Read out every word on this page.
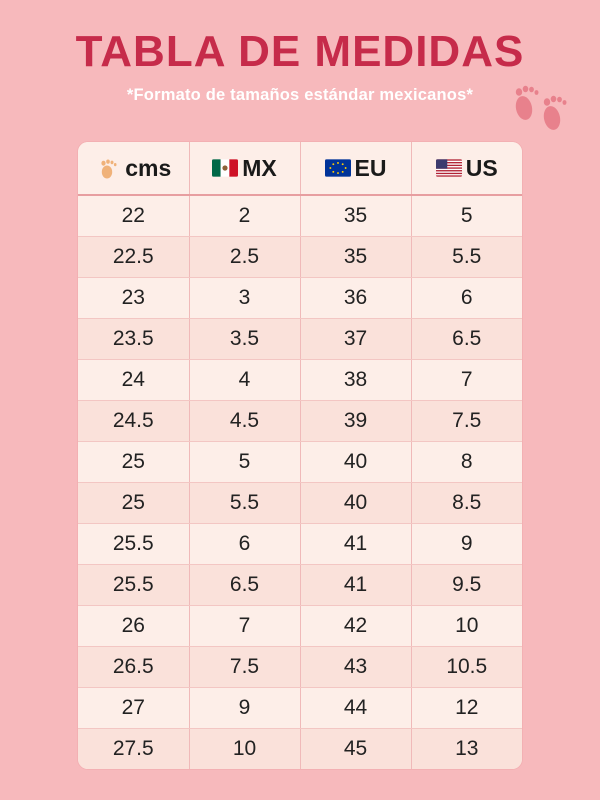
TABLA DE MEDIDAS

*Formato de tamaños estándar mexicanos*

cms	MX	EU	US

22	2	35	5
22.5	2.5	35	5.5
23	3	36	6
23.5	3.5	37	6.5
24	4	38	7
24.5	4.5	39	7.5
25	5	40	8
25	5.5	40	8.5
25.5	6	41	9
25.5	6.5	41	9.5
26	7	42	10
26.5	7.5	43	10.5
27	9	44	12
27.5	10	45	13
